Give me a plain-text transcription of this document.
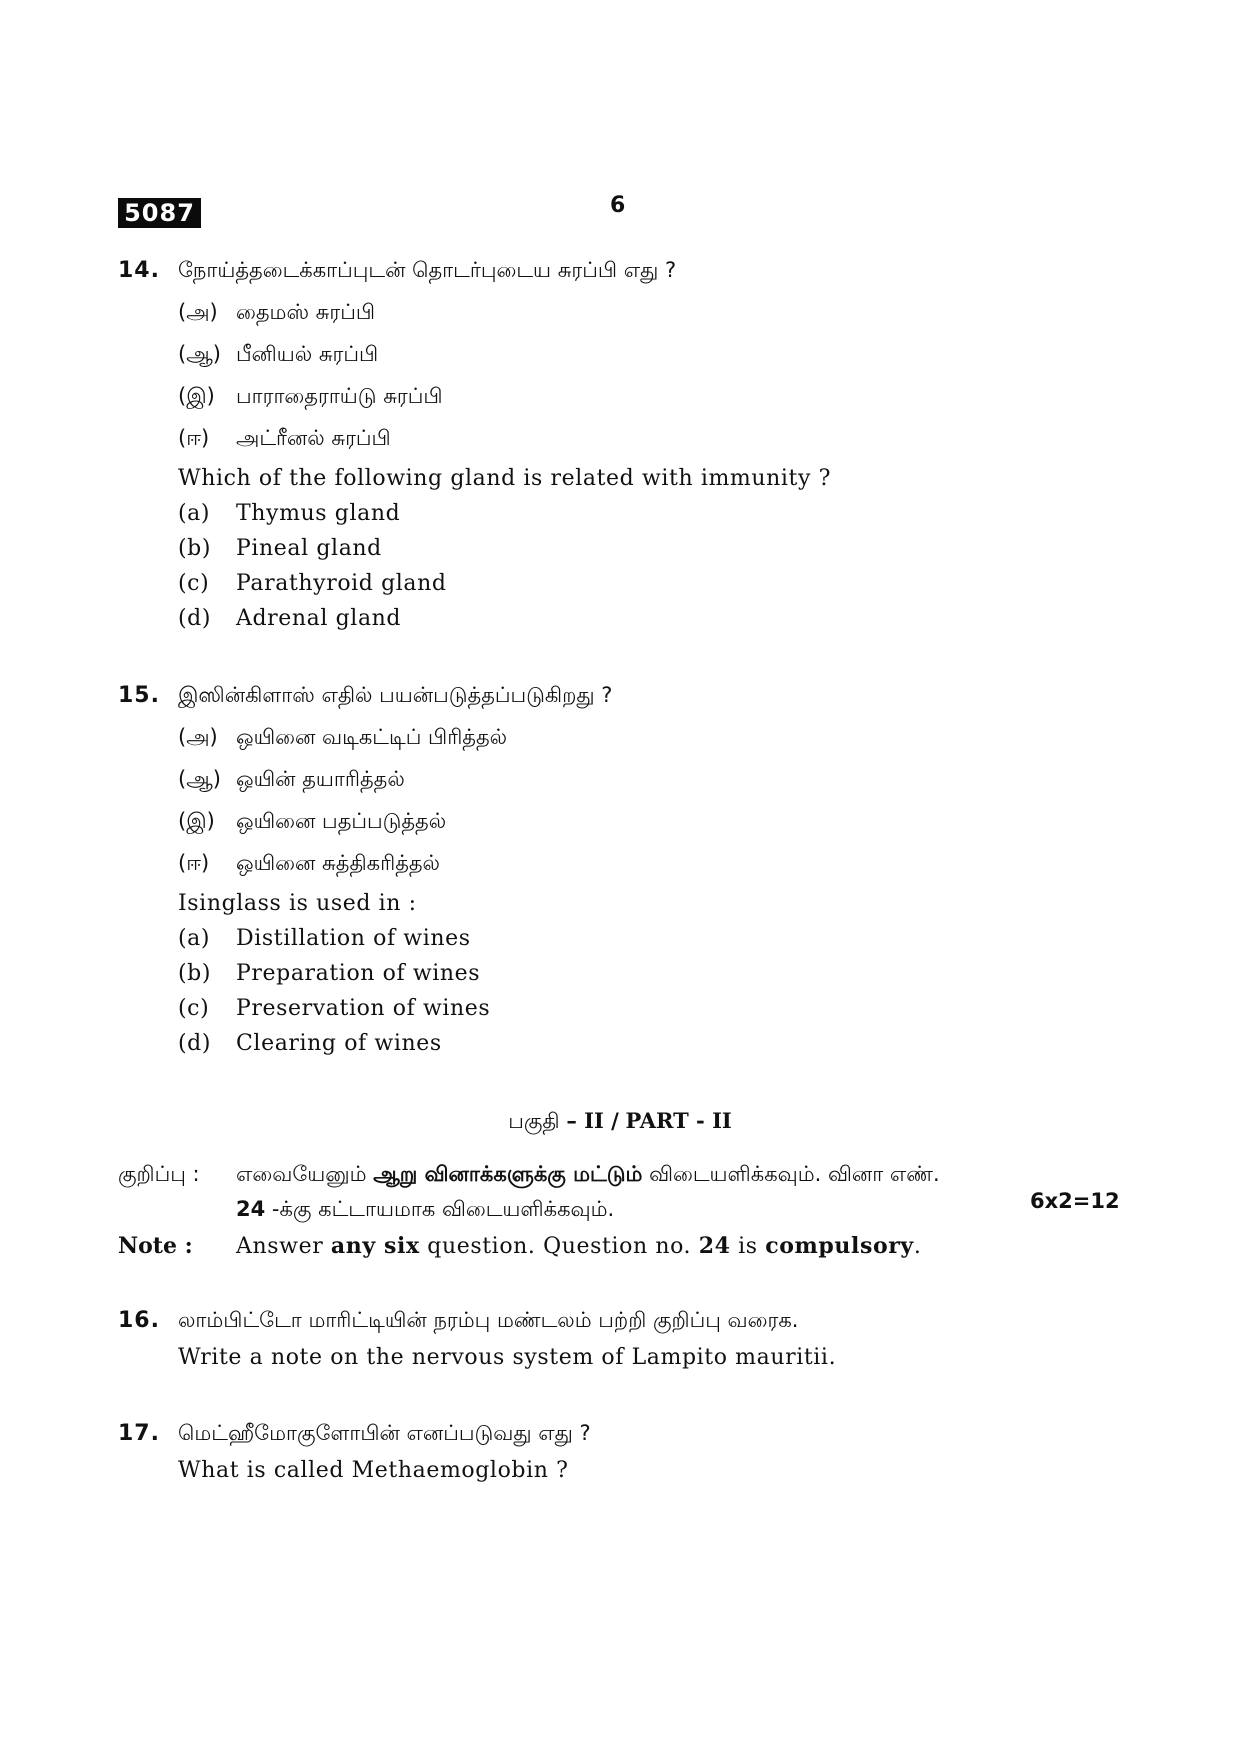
5087	6
14. நோய்த்தடைக்காப்புடன் தொடர்புடைய சுரப்பி எது ?
(அ) தைமஸ் சுரப்பி
(ஆ) பீனியல் சுரப்பி
(இ) பாராதைராய்டு சுரப்பி
(ஈ) அட்ரீனல் சுரப்பி
Which of the following gland is related with immunity ?
(a) Thymus gland
(b) Pineal gland
(c) Parathyroid gland
(d) Adrenal gland
15. இஸின்கிளாஸ் எதில் பயன்படுத்தப்படுகிறது ?
(அ) ஒயினை வடிகட்டிப் பிரித்தல்
(ஆ) ஒயின் தயாரித்தல்
(இ) ஒயினை பதப்படுத்தல்
(ஈ) ஒயினை சுத்திகரித்தல்
Isinglass is used in :
(a) Distillation of wines
(b) Preparation of wines
(c) Preservation of wines
(d) Clearing of wines
பகுதி – II / PART - II
குறிப்பு : எவையேனும் ஆறு வினாக்களுக்கு மட்டும் விடையளிக்கவும். வினா எண்.
24 -க்கு கட்டாயமாக விடையளிக்கவும்.	6x2=12
Note : Answer any six question. Question no. 24 is compulsory.
16. லாம்பிட்டோ மாரிட்டியின் நரம்பு மண்டலம் பற்றி குறிப்பு வரைக.
Write a note on the nervous system of Lampito mauritii.
17. மெட்ஹீமோகுளோபின் எனப்படுவது எது ?
What is called Methaemoglobin ?
